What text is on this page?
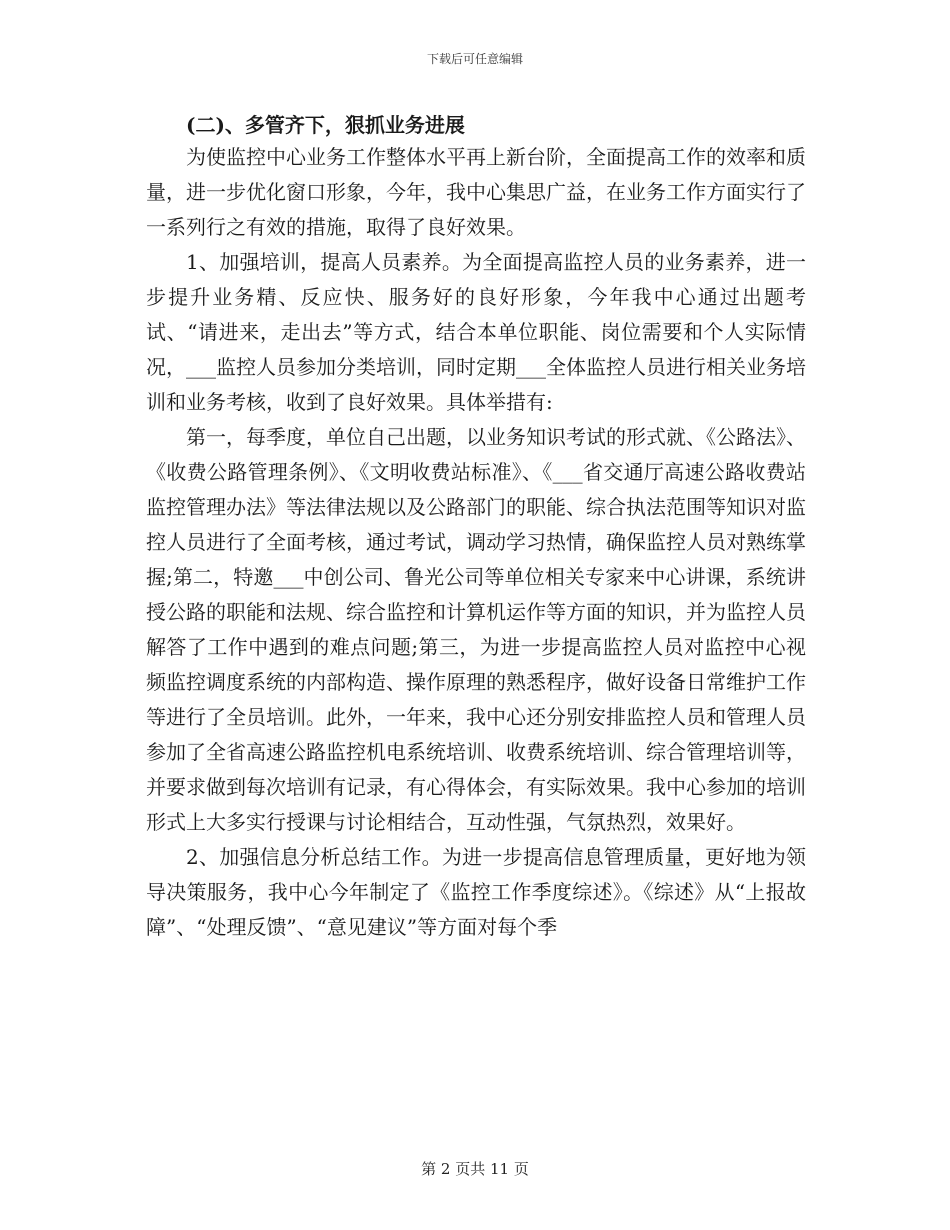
下载后可任意编辑
(二)、多管齐下，狠抓业务进展

为使监控中心业务工作整体水平再上新台阶，全面提高工作的效率和质量，进一步优化窗口形象，今年，我中心集思广益，在业务工作方面实行了一系列行之有效的措施，取得了良好效果。

1、加强培训，提高人员素养。为全面提高监控人员的业务素养，进一步提升业务精、反应快、服务好的良好形象，今年我中心通过出题考试、“请进来，走出去”等方式，结合本单位职能、岗位需要和个人实际情况，___监控人员参加分类培训，同时定期___全体监控人员进行相关业务培训和业务考核，收到了良好效果。具体举措有:

第一，每季度，单位自己出题，以业务知识考试的形式就、《公路法》、《收费公路管理条例》、《文明收费站标准》、《___省交通厅高速公路收费站监控管理办法》等法律法规以及公路部门的职能、综合执法范围等知识对监控人员进行了全面考核，通过考试，调动学习热情，确保监控人员对熟练掌握;第二，特邀___中创公司、鲁光公司等单位相关专家来中心讲课，系统讲授公路的职能和法规、综合监控和计算机运作等方面的知识，并为监控人员解答了工作中遇到的难点问题;第三，为进一步提高监控人员对监控中心视频监控调度系统的内部构造、操作原理的熟悉程序，做好设备日常维护工作等进行了全员培训。此外，一年来，我中心还分别安排监控人员和管理人员参加了全省高速公路监控机电系统培训、收费系统培训、综合管理培训等，并要求做到每次培训有记录，有心得体会，有实际效果。我中心参加的培训形式上大多实行授课与讨论相结合，互动性强，气氛热烈，效果好。

2、加强信息分析总结工作。为进一步提高信息管理质量，更好地为领导决策服务，我中心今年制定了《监控工作季度综述》。《综述》从“上报故障”、“处理反馈”、“意见建议”等方面对每个季

第 2 页共 11 页
